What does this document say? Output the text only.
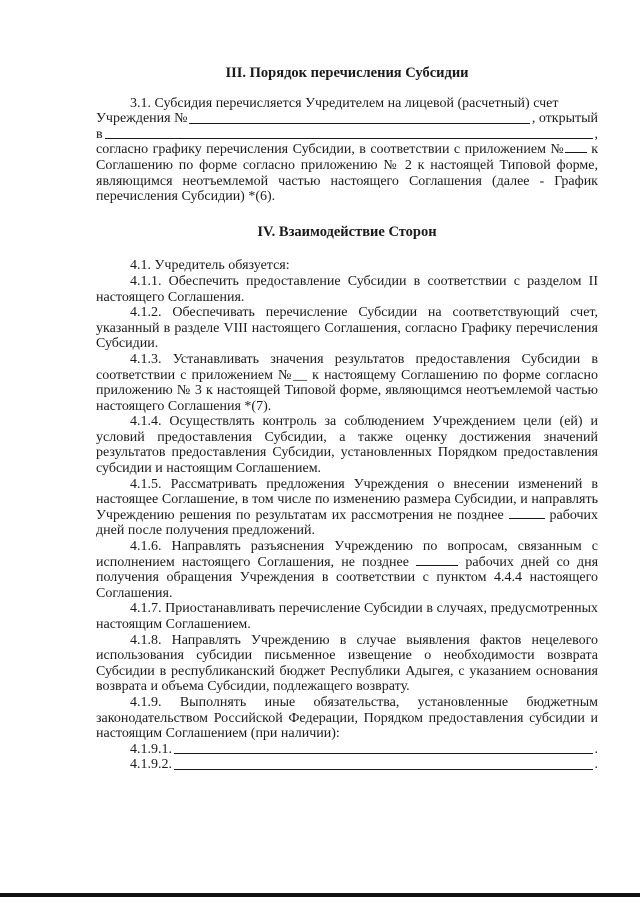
III. Порядок перечисления Субсидии

3.1. Субсидия перечисляется Учредителем на лицевой (расчетный) счет

Учреждения №	, открытый
в	,

согласно графику перечисления Субсидии, в соответствии с приложением № к Соглашению по форме согласно приложению № 2 к настоящей Типовой форме, являющимся неотъемлемой частью настоящего Соглашения (далее - График перечисления Субсидии) *(6).

IV. Взаимодействие Сторон

4.1. Учредитель обязуется:

4.1.1. Обеспечить предоставление Субсидии в соответствии с разделом II настоящего Соглашения.

4.1.2. Обеспечивать перечисление Субсидии на соответствующий счет, указанный в разделе VIII настоящего Соглашения, согласно Графику перечисления Субсидии.

4.1.3. Устанавливать значения результатов предоставления Субсидии в соответствии с приложением №__ к настоящему Соглашению по форме согласно приложению № 3 к настоящей Типовой форме, являющимся неотъемлемой частью настоящего Соглашения *(7).

4.1.4. Осуществлять контроль за соблюдением Учреждением цели (ей) и условий предоставления Субсидии, а также оценку достижения значений результатов предоставления Субсидии, установленных Порядком предоставления субсидии и настоящим Соглашением.

4.1.5. Рассматривать предложения Учреждения о внесении изменений в настоящее Соглашение, в том числе по изменению размера Субсидии, и направлять Учреждению решения по результатам их рассмотрения не позднее	рабочих дней после получения предложений.

4.1.6. Направлять разъяснения Учреждению по вопросам, связанным с исполнением настоящего Соглашения, не позднее	рабочих дней со дня получения обращения Учреждения в соответствии с пунктом 4.4.4 настоящего Соглашения.

4.1.7. Приостанавливать перечисление Субсидии в случаях, предусмотренных настоящим Соглашением.

4.1.8. Направлять Учреждению в случае выявления фактов нецелевого использования субсидии письменное извещение о необходимости возврата Субсидии в республиканский бюджет Республики Адыгея, с указанием основания возврата и объема Субсидии, подлежащего возврату.

4.1.9. Выполнять иные обязательства, установленные бюджетным законодательством Российской Федерации, Порядком предоставления субсидии и настоящим Соглашением (при наличии):

4.1.9.1.	.
4.1.9.2.	.
